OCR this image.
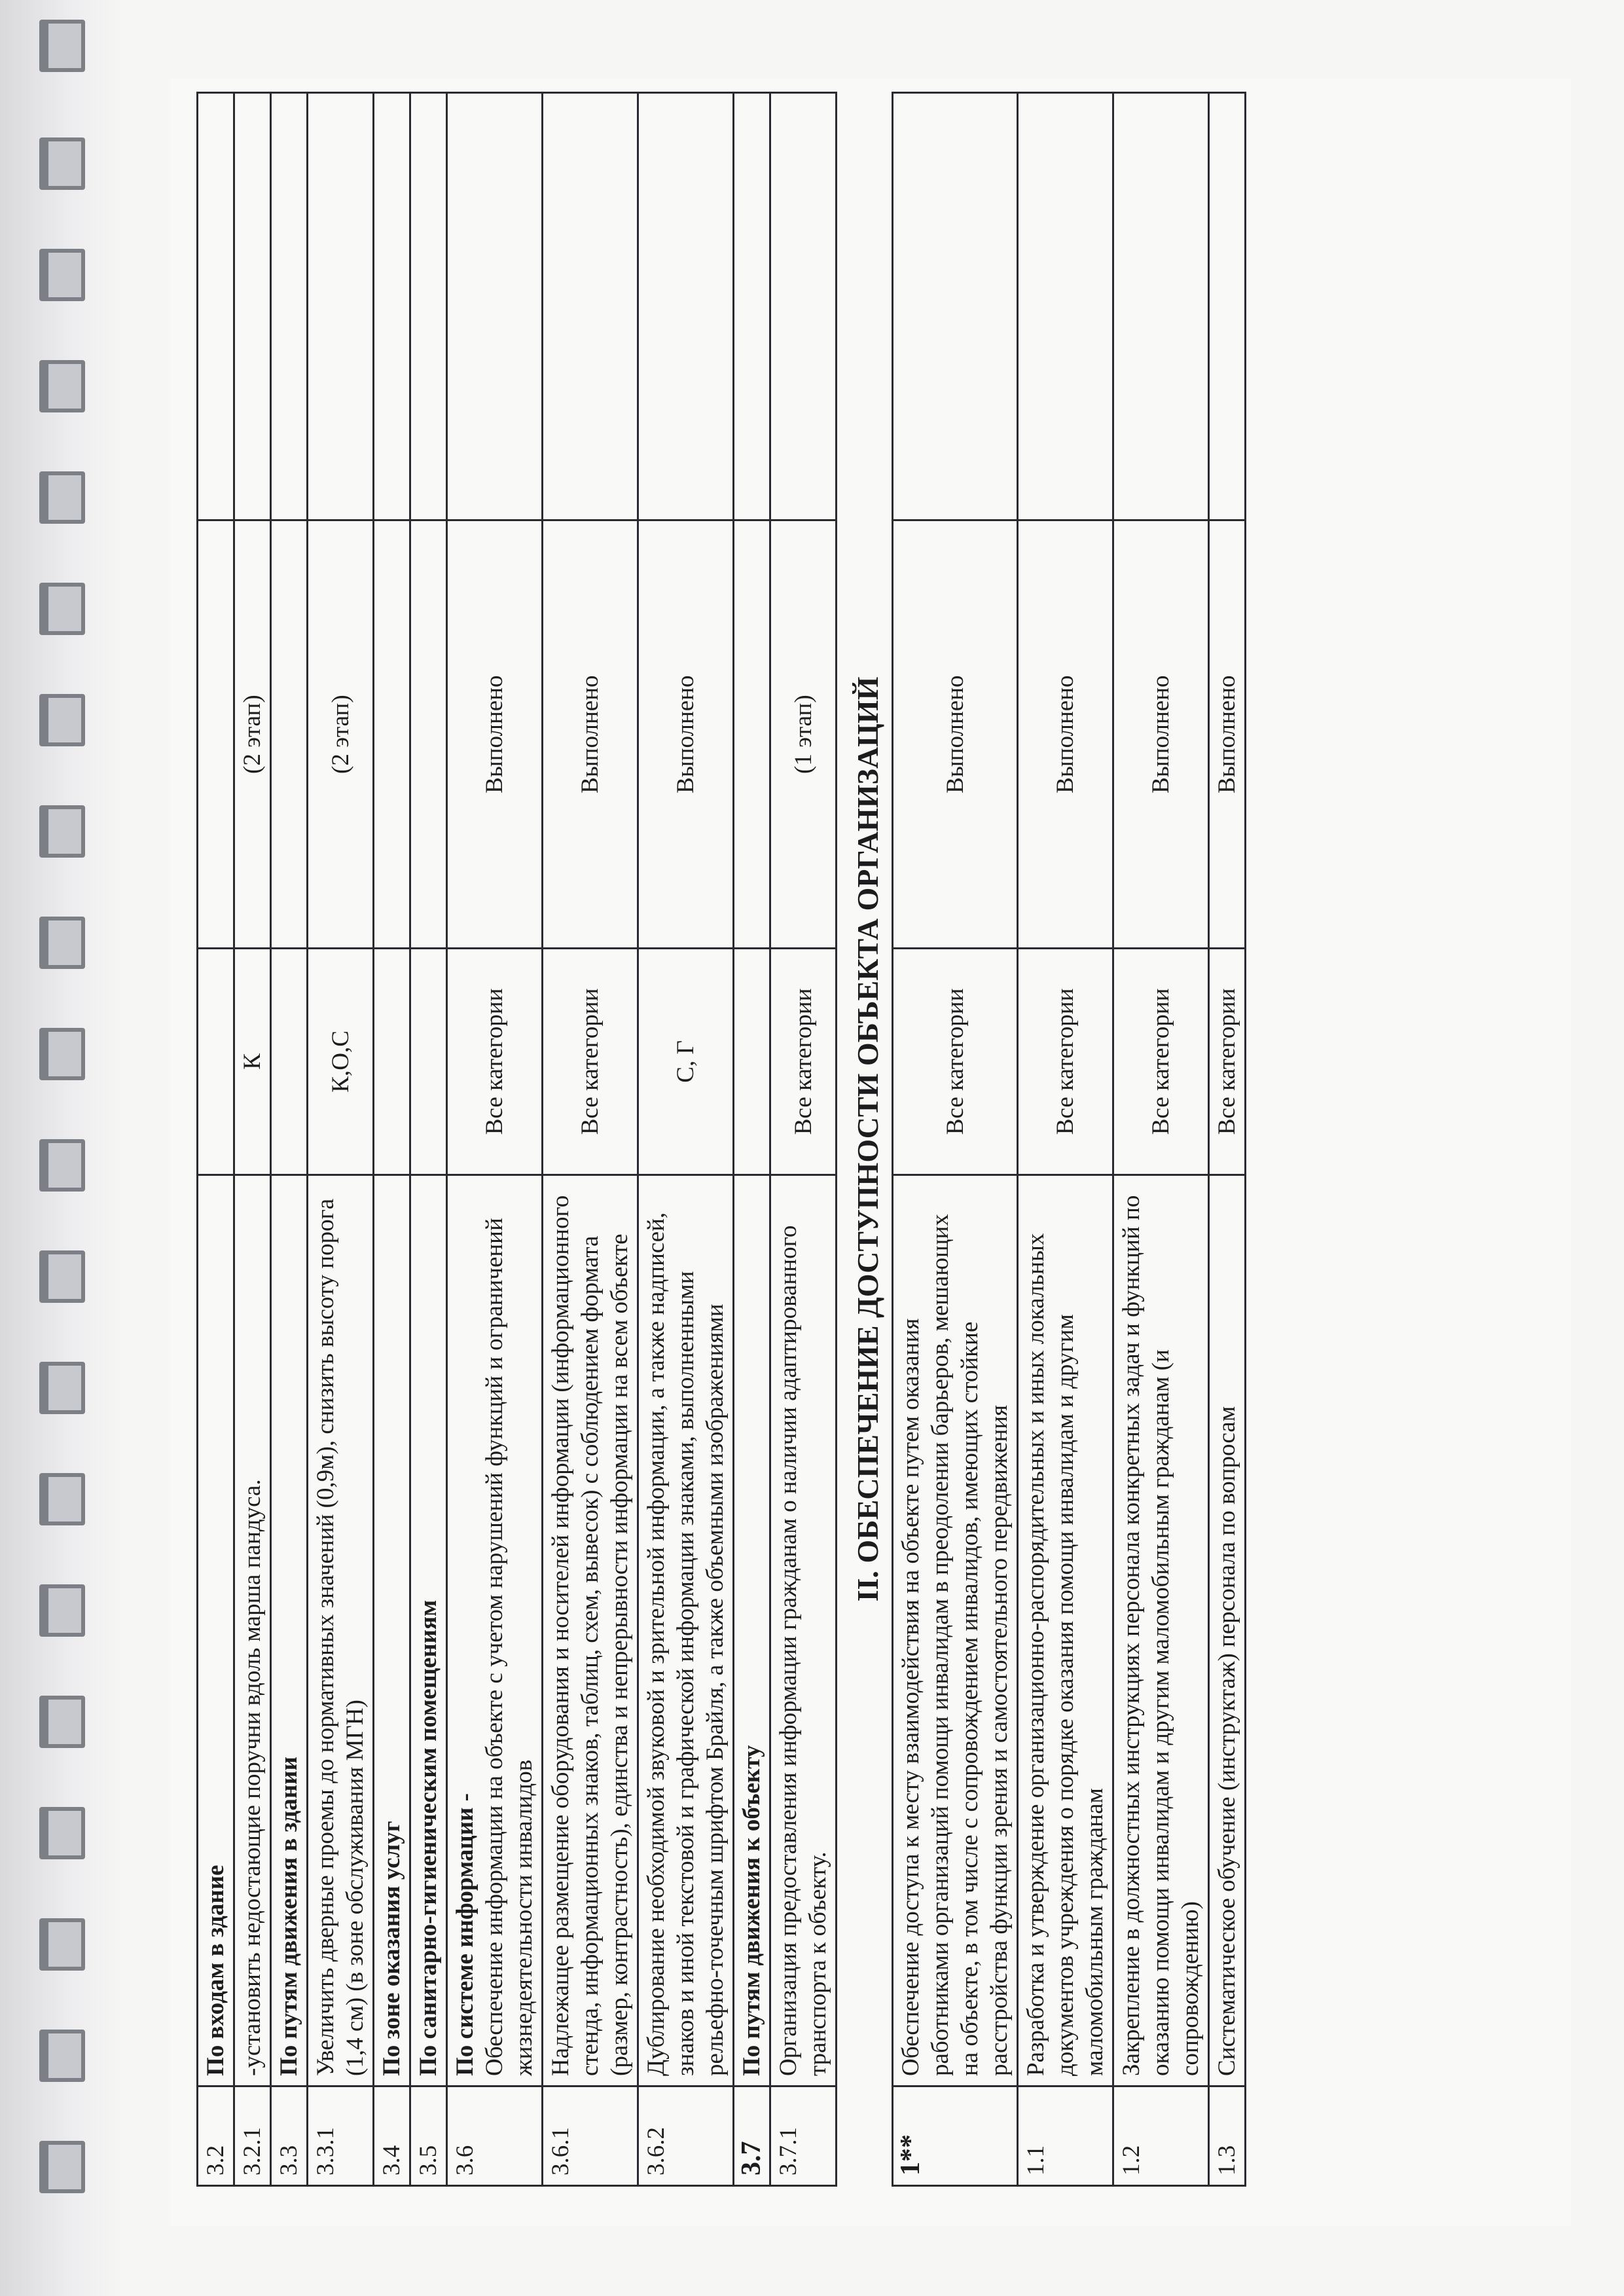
3.2	По входам в здание			
3.2.1	-установить недостающие поручни вдоль марша пандуса.	К	(2 этап)	
3.3	По путям движения в здании			
3.3.1	Увеличить дверные проемы до нормативных значений (0,9м), снизить высоту порога (1,4 см) (в зоне обслуживания МГН)	К,О,С	(2 этап)	
3.4	По зоне оказания услуг			
3.5	По санитарно-гигиеническим помещениям			
3.6	По системе информации - Обеспечение информации на объекте с учетом нарушений функций и ограничений жизнедеятельности инвалидов	Все категории	Выполнено	
3.6.1	Надлежащее размещение оборудования и носителей информации (информационного стенда, информационных знаков, таблиц, схем, вывесок) с соблюдением формата (размер, контрастность), единства и непрерывности информации на всем объекте	Все категории	Выполнено	
3.6.2	Дублирование необходимой звуковой и зрительной информации, а также надписей, знаков и иной текстовой и графической информации знаками, выполненными рельефно-точечным шрифтом Брайля, а также объемными изображениями	С, Г	Выполнено	
3.7	По путям движения к объекту			
3.7.1	Организация предоставления информации гражданам о наличии адаптированного транспорта к объекту.	Все категории	(1 этап)	
II. ОБЕСПЕЧЕНИЕ ДОСТУПНОСТИ ОБЪЕКТА ОРГАНИЗАЦИЙ				
1**	Обеспечение доступа к месту взаимодействия на объекте путем оказания работниками организаций помощи инвалидам в преодолении барьеров, мешающих на объекте, в том числе с сопровождением инвалидов, имеющих стойкие расстройства функции зрения и самостоятельного передвижения	Все категории	Выполнено	
1.1	Разработка и утверждение организационно-распорядительных и иных локальных документов учреждения о порядке оказания помощи инвалидам и другим маломобильным гражданам	Все категории	Выполнено	
1.2	Закрепление в должностных инструкциях персонала конкретных задач и функций по оказанию помощи инвалидам и другим маломобильным гражданам (и сопровождению)	Все категории	Выполнено	
1.3	Систематическое обучение (инструктаж) персонала по вопросам	Все категории	Выполнено	
